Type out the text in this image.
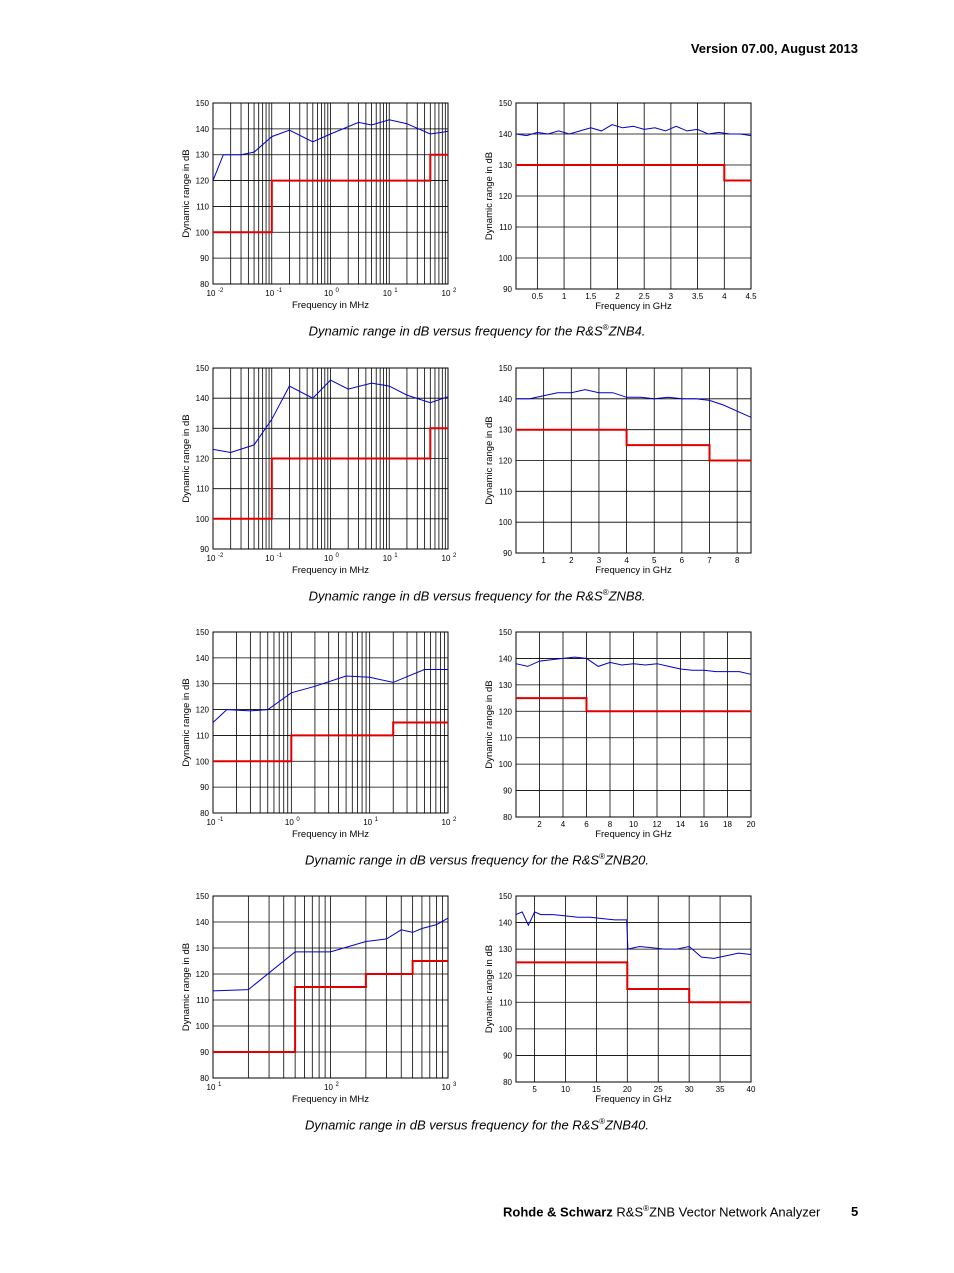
Version 07.00, August 2013
80
90
100
110
120
130
140
150
10 -2	10 -1	10 0	10 1	10 2
Frequency in MHz
Dynamic range in dB
90
100
110
120
130
140
150
0.5 1 1.5 2 2.5 3 3.5 4 4.5
Frequency in GHz
Dynamic range in dB
Dynamic range in dB versus frequency for the R&S®ZNB4.
90
100
110
120
130
140
150
10 -2	10 -1	10 0	10 1	10 2
Frequency in MHz
Dynamic range in dB
90
100
110
120
130
140
150
1	2	3	4	5	6	7	8
Frequency in GHz
Dynamic range in dB
Dynamic range in dB versus frequency for the R&S®ZNB8.
80
90
100
110
120
130
140
150
10 -1	10 0	10 1	10 2
Frequency in MHz
Dynamic range in dB
80
90
100
110
120
130
140
150
2 4 6 8 10 12 14 16 18 20
Frequency in GHz
Dynamic range in dB
Dynamic range in dB versus frequency for the R&S®ZNB20.
80
90
100
110
120
130
140
150
10 1	10 2	10 3
Frequency in MHz
Dynamic range in dB
80
90
100
110
120
130
140
150
5	10	15	20	25	30	35	40
Frequency in GHz
Dynamic range in dB
Dynamic range in dB versus frequency for the R&S®ZNB40.
Rohde & Schwarz R&S®ZNB Vector Network Analyzer 5
